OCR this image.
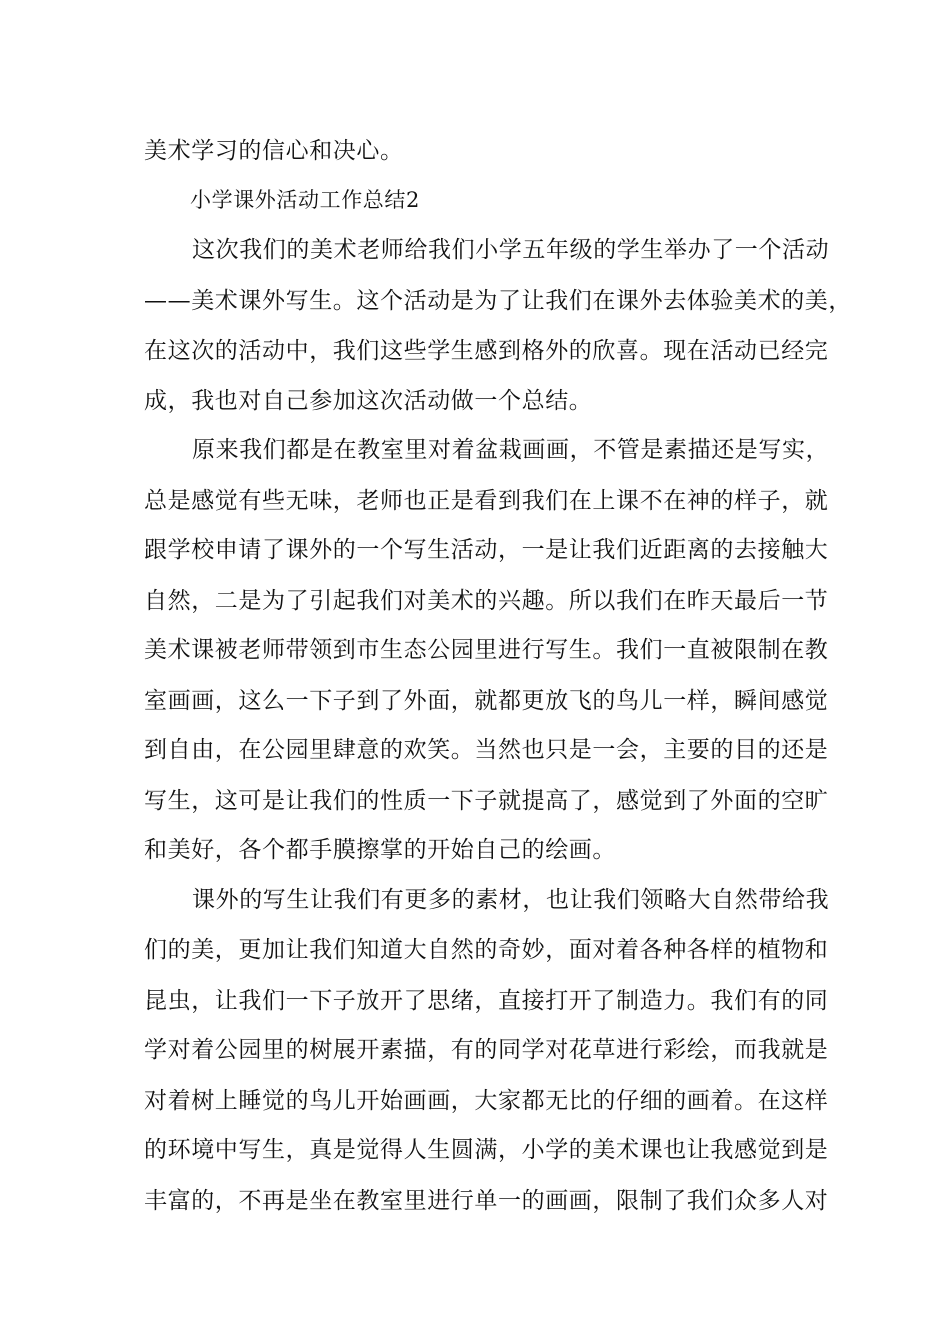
美术学习的信心和决心。
小学课外活动工作总结2
这次我们的美术老师给我们小学五年级的学生举办了一个活动
——美术课外写生。这个活动是为了让我们在课外去体验美术的美，
在这次的活动中，我们这些学生感到格外的欣喜。现在活动已经完
成，我也对自己参加这次活动做一个总结。
原来我们都是在教室里对着盆栽画画，不管是素描还是写实，
总是感觉有些无味，老师也正是看到我们在上课不在神的样子，就
跟学校申请了课外的一个写生活动，一是让我们近距离的去接触大
自然，二是为了引起我们对美术的兴趣。所以我们在昨天最后一节
美术课被老师带领到市生态公园里进行写生。我们一直被限制在教
室画画，这么一下子到了外面，就都更放飞的鸟儿一样，瞬间感觉
到自由，在公园里肆意的欢笑。当然也只是一会，主要的目的还是
写生，这可是让我们的性质一下子就提高了，感觉到了外面的空旷
和美好，各个都手膜擦掌的开始自己的绘画。
课外的写生让我们有更多的素材，也让我们领略大自然带给我
们的美，更加让我们知道大自然的奇妙，面对着各种各样的植物和
昆虫，让我们一下子放开了思绪，直接打开了制造力。我们有的同
学对着公园里的树展开素描，有的同学对花草进行彩绘，而我就是
对着树上睡觉的鸟儿开始画画，大家都无比的仔细的画着。在这样
的环境中写生，真是觉得人生圆满，小学的美术课也让我感觉到是
丰富的，不再是坐在教室里进行单一的画画，限制了我们众多人对
